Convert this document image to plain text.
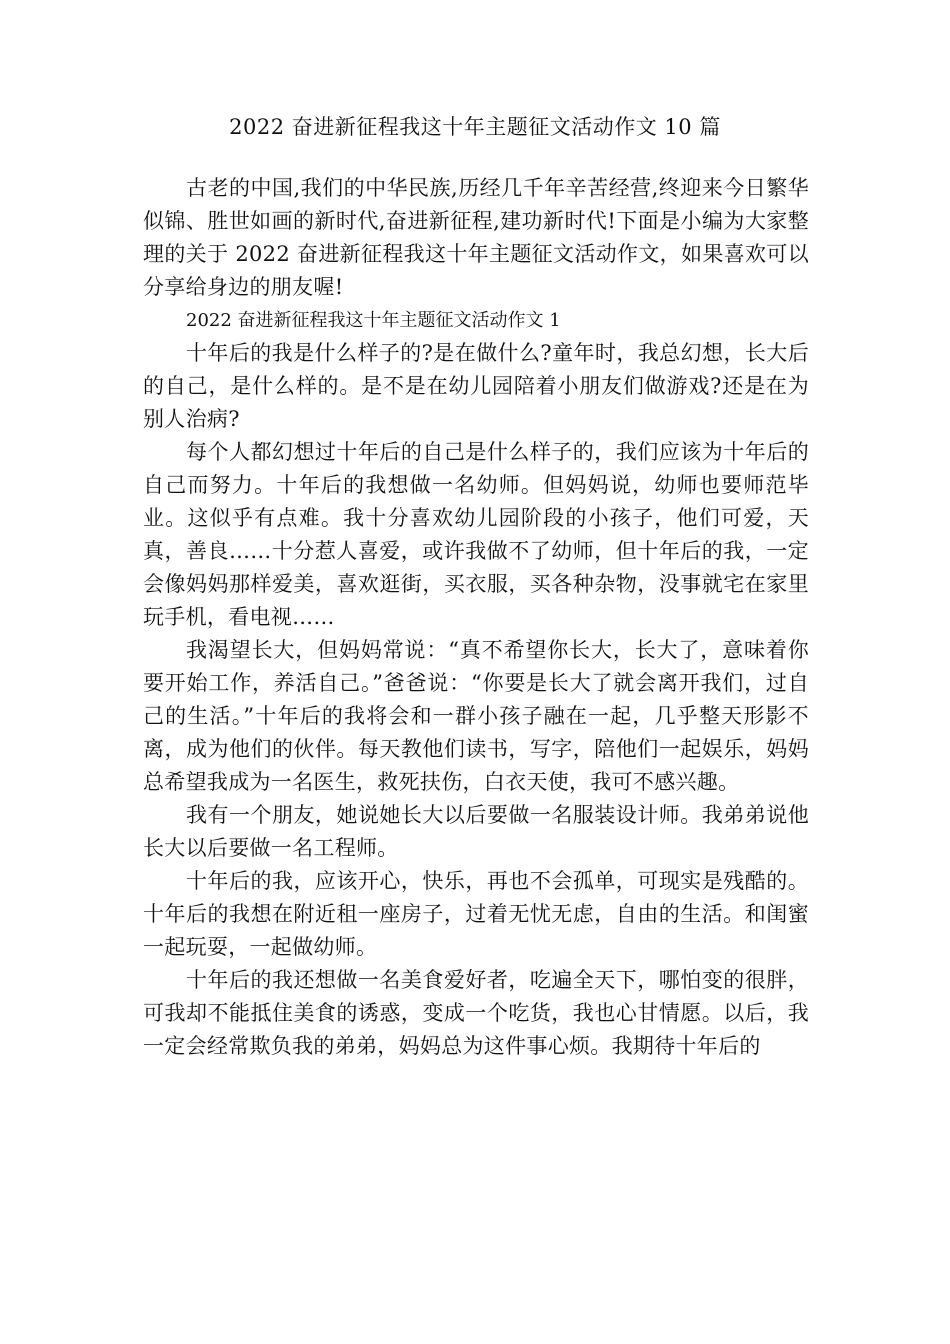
2022 奋进新征程我这十年主题征文活动作文 10 篇

古老的中国,我们的中华民族,历经几千年辛苦经营,终迎来今日繁华似锦、胜世如画的新时代,奋进新征程,建功新时代!下面是小编为大家整理的关于 2022 奋进新征程我这十年主题征文活动作文，如果喜欢可以分享给身边的朋友喔!

2022 奋进新征程我这十年主题征文活动作文 1

十年后的我是什么样子的?是在做什么?童年时，我总幻想，长大后的自己，是什么样的。是不是在幼儿园陪着小朋友们做游戏?还是在为别人治病?

每个人都幻想过十年后的自己是什么样子的，我们应该为十年后的自己而努力。十年后的我想做一名幼师。但妈妈说，幼师也要师范毕业。这似乎有点难。我十分喜欢幼儿园阶段的小孩子，他们可爱，天真，善良……十分惹人喜爱，或许我做不了幼师，但十年后的我，一定会像妈妈那样爱美，喜欢逛街，买衣服，买各种杂物，没事就宅在家里玩手机，看电视……

我渴望长大，但妈妈常说：“真不希望你长大，长大了，意味着你要开始工作，养活自己。”爸爸说：“你要是长大了就会离开我们，过自己的生活。”十年后的我将会和一群小孩子融在一起，几乎整天形影不离，成为他们的伙伴。每天教他们读书，写字，陪他们一起娱乐，妈妈总希望我成为一名医生，救死扶伤，白衣天使，我可不感兴趣。

我有一个朋友，她说她长大以后要做一名服装设计师。我弟弟说他长大以后要做一名工程师。

十年后的我，应该开心，快乐，再也不会孤单，可现实是残酷的。十年后的我想在附近租一座房子，过着无忧无虑，自由的生活。和闺蜜一起玩耍，一起做幼师。

十年后的我还想做一名美食爱好者，吃遍全天下，哪怕变的很胖，可我却不能抵住美食的诱惑，变成一个吃货，我也心甘情愿。以后，我一定会经常欺负我的弟弟，妈妈总为这件事心烦。我期待十年后的
